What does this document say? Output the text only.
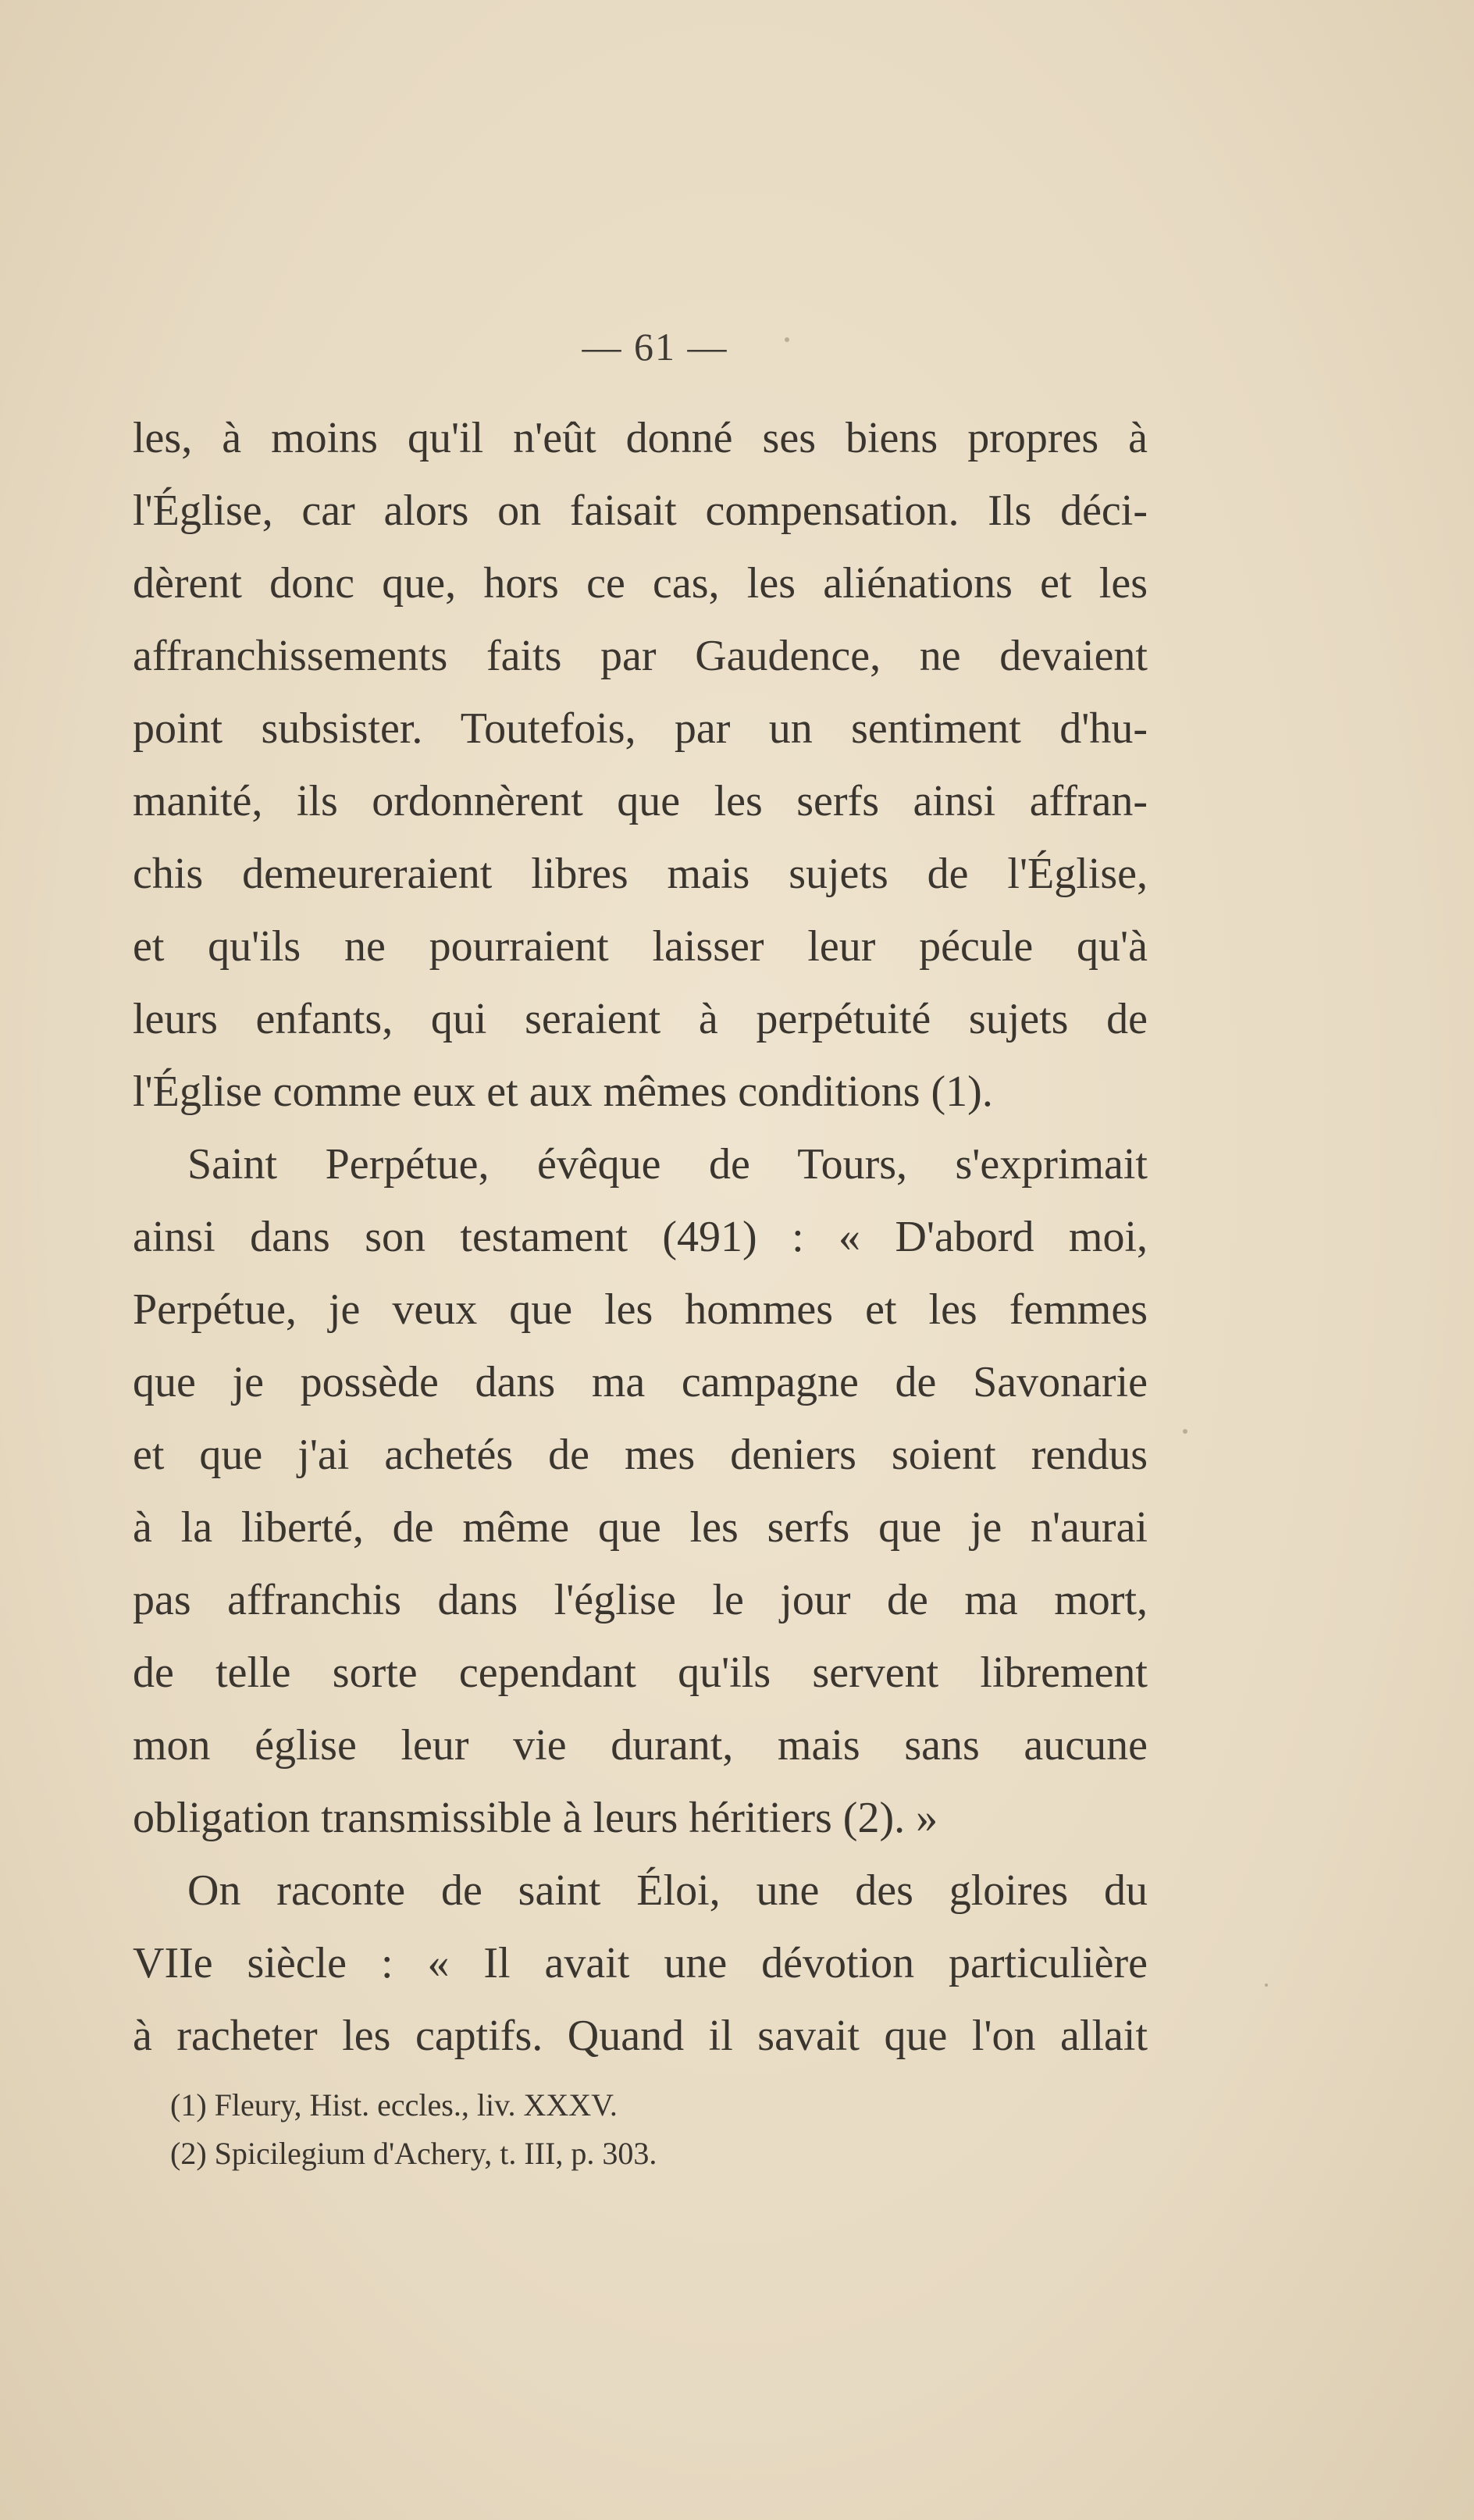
— 61 —
les, à moins qu'il n'eût donné ses biens propres à
l'Église, car alors on faisait compensation. Ils déci-
dèrent donc que, hors ce cas, les aliénations et les
affranchissements faits par Gaudence, ne devaient
point subsister. Toutefois, par un sentiment d'hu-
manité, ils ordonnèrent que les serfs ainsi affran-
chis demeureraient libres mais sujets de l'Église,
et qu'ils ne pourraient laisser leur pécule qu'à
leurs enfants, qui seraient à perpétuité sujets de
l'Église comme eux et aux mêmes conditions (1).
Saint Perpétue, évêque de Tours, s'exprimait
ainsi dans son testament (491) : « D'abord moi,
Perpétue, je veux que les hommes et les femmes
que je possède dans ma campagne de Savonarie
et que j'ai achetés de mes deniers soient rendus
à la liberté, de même que les serfs que je n'aurai
pas affranchis dans l'église le jour de ma mort,
de telle sorte cependant qu'ils servent librement
mon église leur vie durant, mais sans aucune
obligation transmissible à leurs héritiers (2). »
On raconte de saint Éloi, une des gloires du
VIIe siècle : « Il avait une dévotion particulière
à racheter les captifs. Quand il savait que l'on allait
(1) Fleury, Hist. eccles., liv. XXXV.
(2) Spicilegium d'Achery, t. III, p. 303.
